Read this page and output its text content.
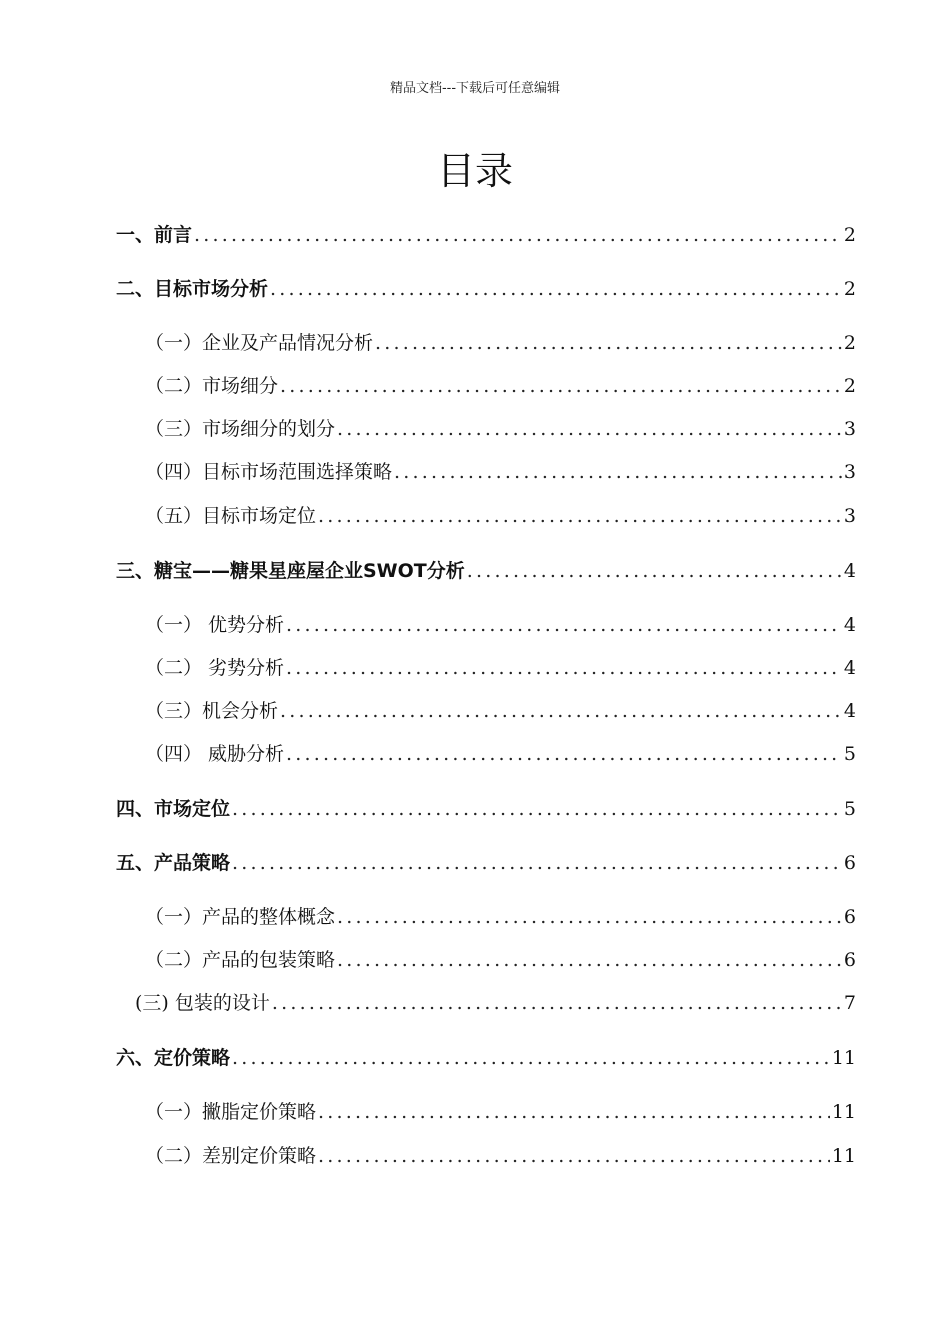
精品文档---下载后可任意编辑
目录
一、前言 .....	2
二、目标市场分析 .....	2
（一）企业及产品情况分析 .....	2
（二）市场细分 .....	2
（三）市场细分的划分 .....	3
（四）目标市场范围选择策略 .....	3
（五）目标市场定位 .....	3
三、糖宝——糖果星座屋企业SWOT分析 .....	4
（一） 优势分析 .....	4
（二） 劣势分析 .....	4
（三）机会分析 .....	4
（四） 威胁分析 .....	5
四、市场定位 .....	5
五、产品策略 .....	6
（一）产品的整体概念 .....	6
（二）产品的包装策略 .....	6
(三) 包装的设计 .....	7
六、定价策略 .....	11
（一）撇脂定价策略 .....	11
（二）差别定价策略 .....	11
